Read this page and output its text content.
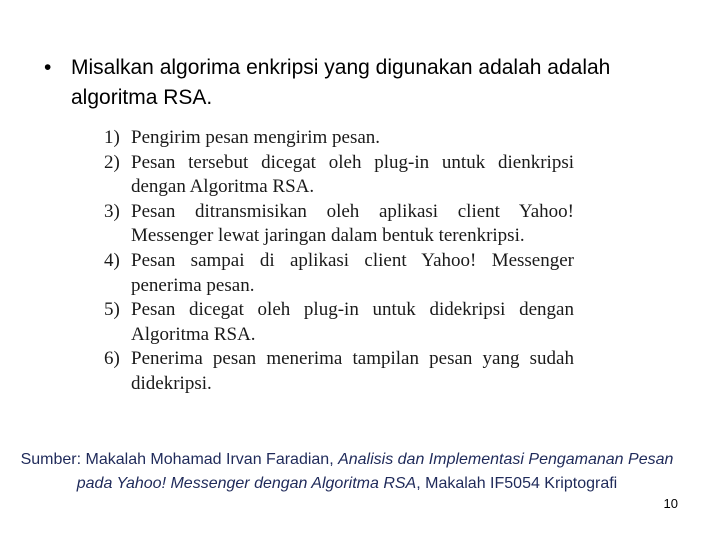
• Misalkan algorima enkripsi yang digunakan adalah adalah algoritma RSA.

1) Pengirim pesan mengirim pesan.

2) Pesan tersebut dicegat oleh plug-in untuk dienkripsi dengan Algoritma RSA.

3) Pesan ditransmisikan oleh aplikasi client Yahoo! Messenger lewat jaringan dalam bentuk terenkripsi.

4) Pesan sampai di aplikasi client Yahoo! Messenger penerima pesan.

5) Pesan dicegat oleh plug-in untuk didekripsi dengan Algoritma RSA.

6) Penerima pesan menerima tampilan pesan yang sudah didekripsi.

Sumber: Makalah Mohamad Irvan Faradian, Analisis dan Implementasi Pengamanan Pesan pada Yahoo! Messenger dengan Algoritma RSA, Makalah IF5054 Kriptografi
10
